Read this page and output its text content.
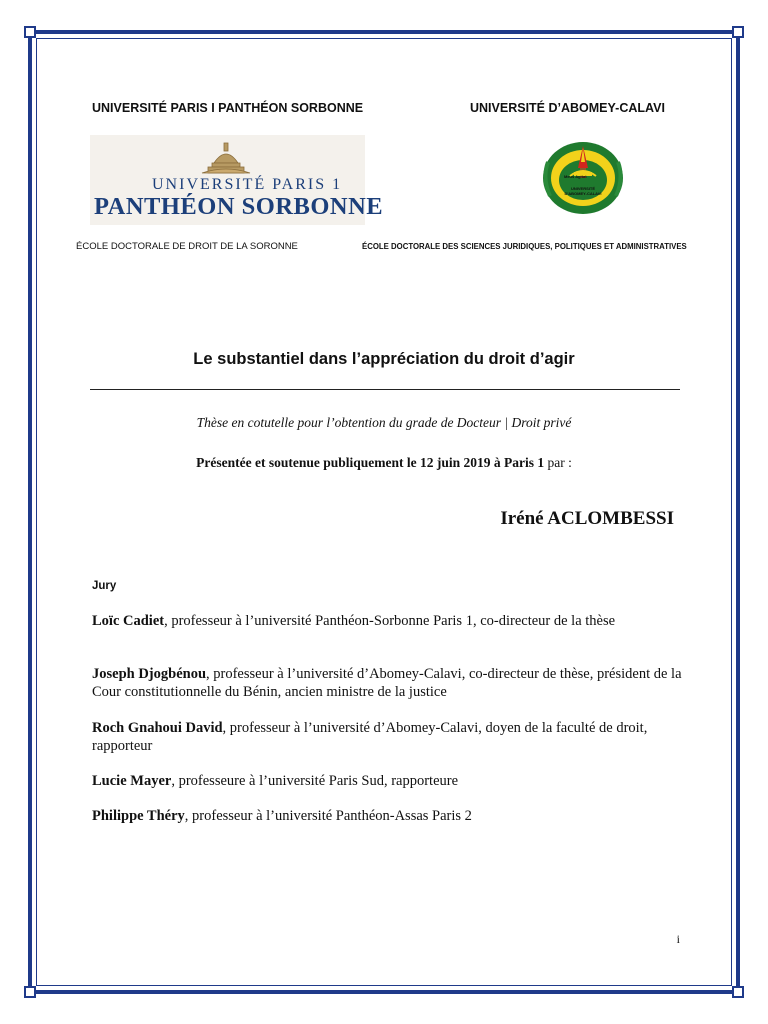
UNIVERSITÉ PARIS I PANTHÉON SORBONNE	UNIVERSITÉ D’ABOMEY-CALAVI
UNIVERSITÉ PARIS 1
PANTHÉON SORBONNE
Meus Agitat
UNIVERSITÉ D'ABOMEY-CALAVI
ÉCOLE DOCTORALE DE DROIT DE LA SORONNE	ÉCOLE DOCTORALE DES SCIENCES JURIDIQUES, POLITIQUES ET ADMINISTRATIVES
Le substantiel dans l’appréciation du droit d’agir
Thèse en cotutelle pour l’obtention du grade de Docteur | Droit privé
Présentée et soutenue publiquement le 12 juin 2019 à Paris 1 par :
Iréné ACLOMBESSI
Jury
Loïc Cadiet, professeur à l’université Panthéon-Sorbonne Paris 1, co-directeur de la thèse
Joseph Djogbénou, professeur à l’université d’Abomey-Calavi, co-directeur de thèse, président de la Cour constitutionnelle du Bénin, ancien ministre de la justice
Roch Gnahoui David, professeur à l’université d’Abomey-Calavi, doyen de la faculté de droit, rapporteur
Lucie Mayer, professeure à l’université Paris Sud, rapporteure
Philippe Théry, professeur à l’université Panthéon-Assas Paris 2
i
